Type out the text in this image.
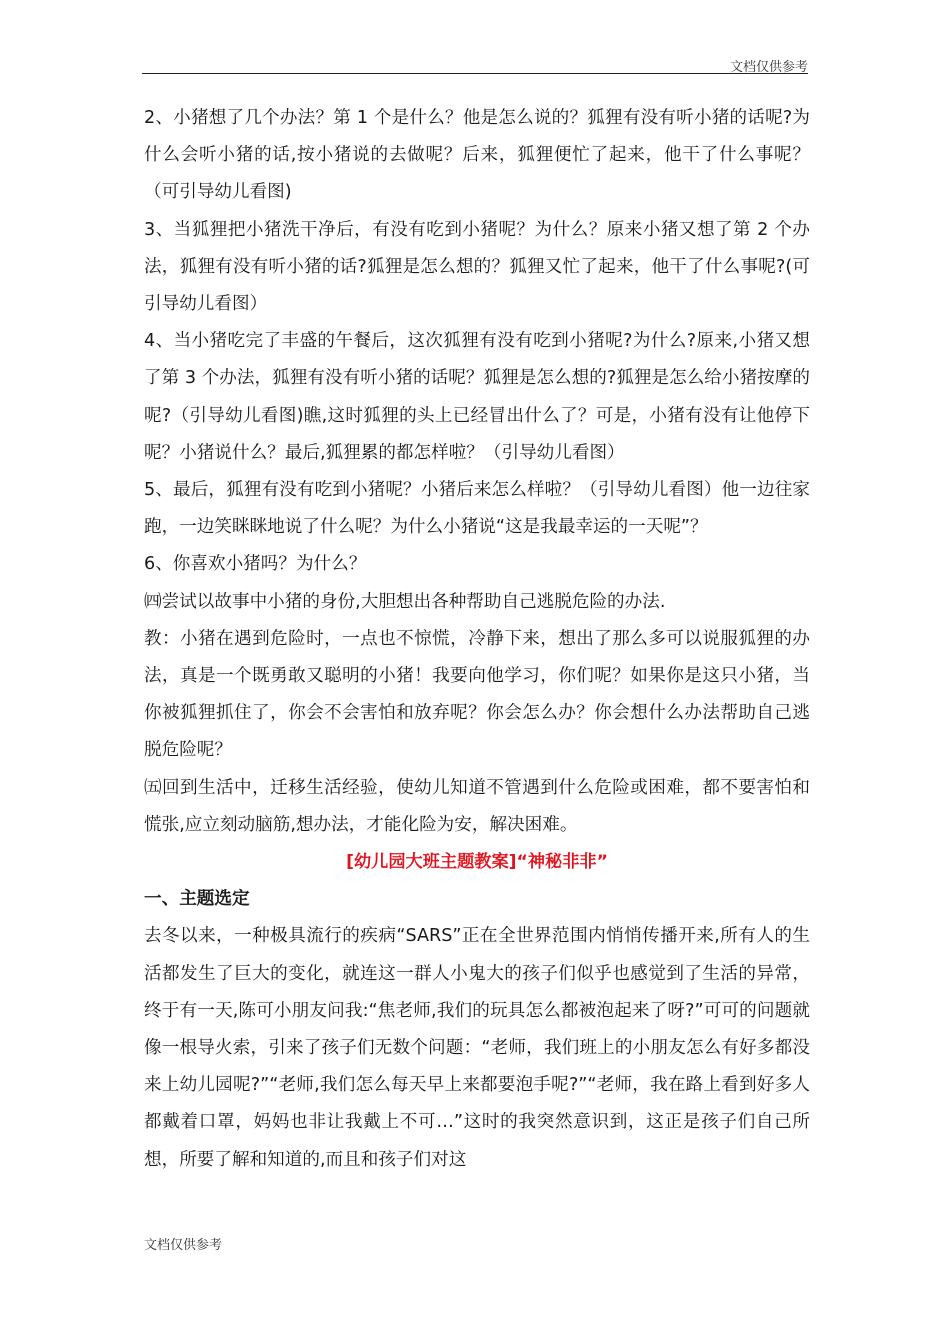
文档仅供参考

2、小猪想了几个办法？第 1 个是什么？他是怎么说的？狐狸有没有听小猪的话呢?为什么会听小猪的话,按小猪说的去做呢？后来，狐狸便忙了起来，他干了什么事呢？（可引导幼儿看图)

3、当狐狸把小猪洗干净后，有没有吃到小猪呢？为什么？原来小猪又想了第 2 个办法，狐狸有没有听小猪的话?狐狸是怎么想的？狐狸又忙了起来，他干了什么事呢?(可引导幼儿看图）

4、当小猪吃完了丰盛的午餐后，这次狐狸有没有吃到小猪呢?为什么?原来,小猪又想了第 3 个办法，狐狸有没有听小猪的话呢？狐狸是怎么想的?狐狸是怎么给小猪按摩的呢?（引导幼儿看图)瞧,这时狐狸的头上已经冒出什么了？可是，小猪有没有让他停下呢？小猪说什么？最后,狐狸累的都怎样啦？（引导幼儿看图）

5、最后，狐狸有没有吃到小猪呢？小猪后来怎么样啦？（引导幼儿看图）他一边往家跑，一边笑眯眯地说了什么呢？为什么小猪说“这是我最幸运的一天呢”？

6、你喜欢小猪吗？为什么？

㈣尝试以故事中小猪的身份,大胆想出各种帮助自己逃脱危险的办法.

教：小猪在遇到危险时，一点也不惊慌，冷静下来，想出了那么多可以说服狐狸的办法，真是一个既勇敢又聪明的小猪！我要向他学习，你们呢？如果你是这只小猪，当你被狐狸抓住了，你会不会害怕和放弃呢？你会怎么办？你会想什么办法帮助自己逃脱危险呢？

㈤回到生活中，迁移生活经验，使幼儿知道不管遇到什么危险或困难，都不要害怕和慌张,应立刻动脑筋,想办法，才能化险为安，解决困难。

[幼儿园大班主题教案]“神秘非非”

一、主题选定

去冬以来，一种极具流行的疾病“SARS”正在全世界范围内悄悄传播开来,所有人的生活都发生了巨大的变化，就连这一群人小鬼大的孩子们似乎也感觉到了生活的异常，终于有一天,陈可小朋友问我:“焦老师,我们的玩具怎么都被泡起来了呀?”可可的问题就像一根导火索，引来了孩子们无数个问题：“老师，我们班上的小朋友怎么有好多都没来上幼儿园呢?”“老师,我们怎么每天早上来都要泡手呢?”“老师，我在路上看到好多人都戴着口罩，妈妈也非让我戴上不可…”这时的我突然意识到，这正是孩子们自己所想，所要了解和知道的,而且和孩子们对这

文档仅供参考
